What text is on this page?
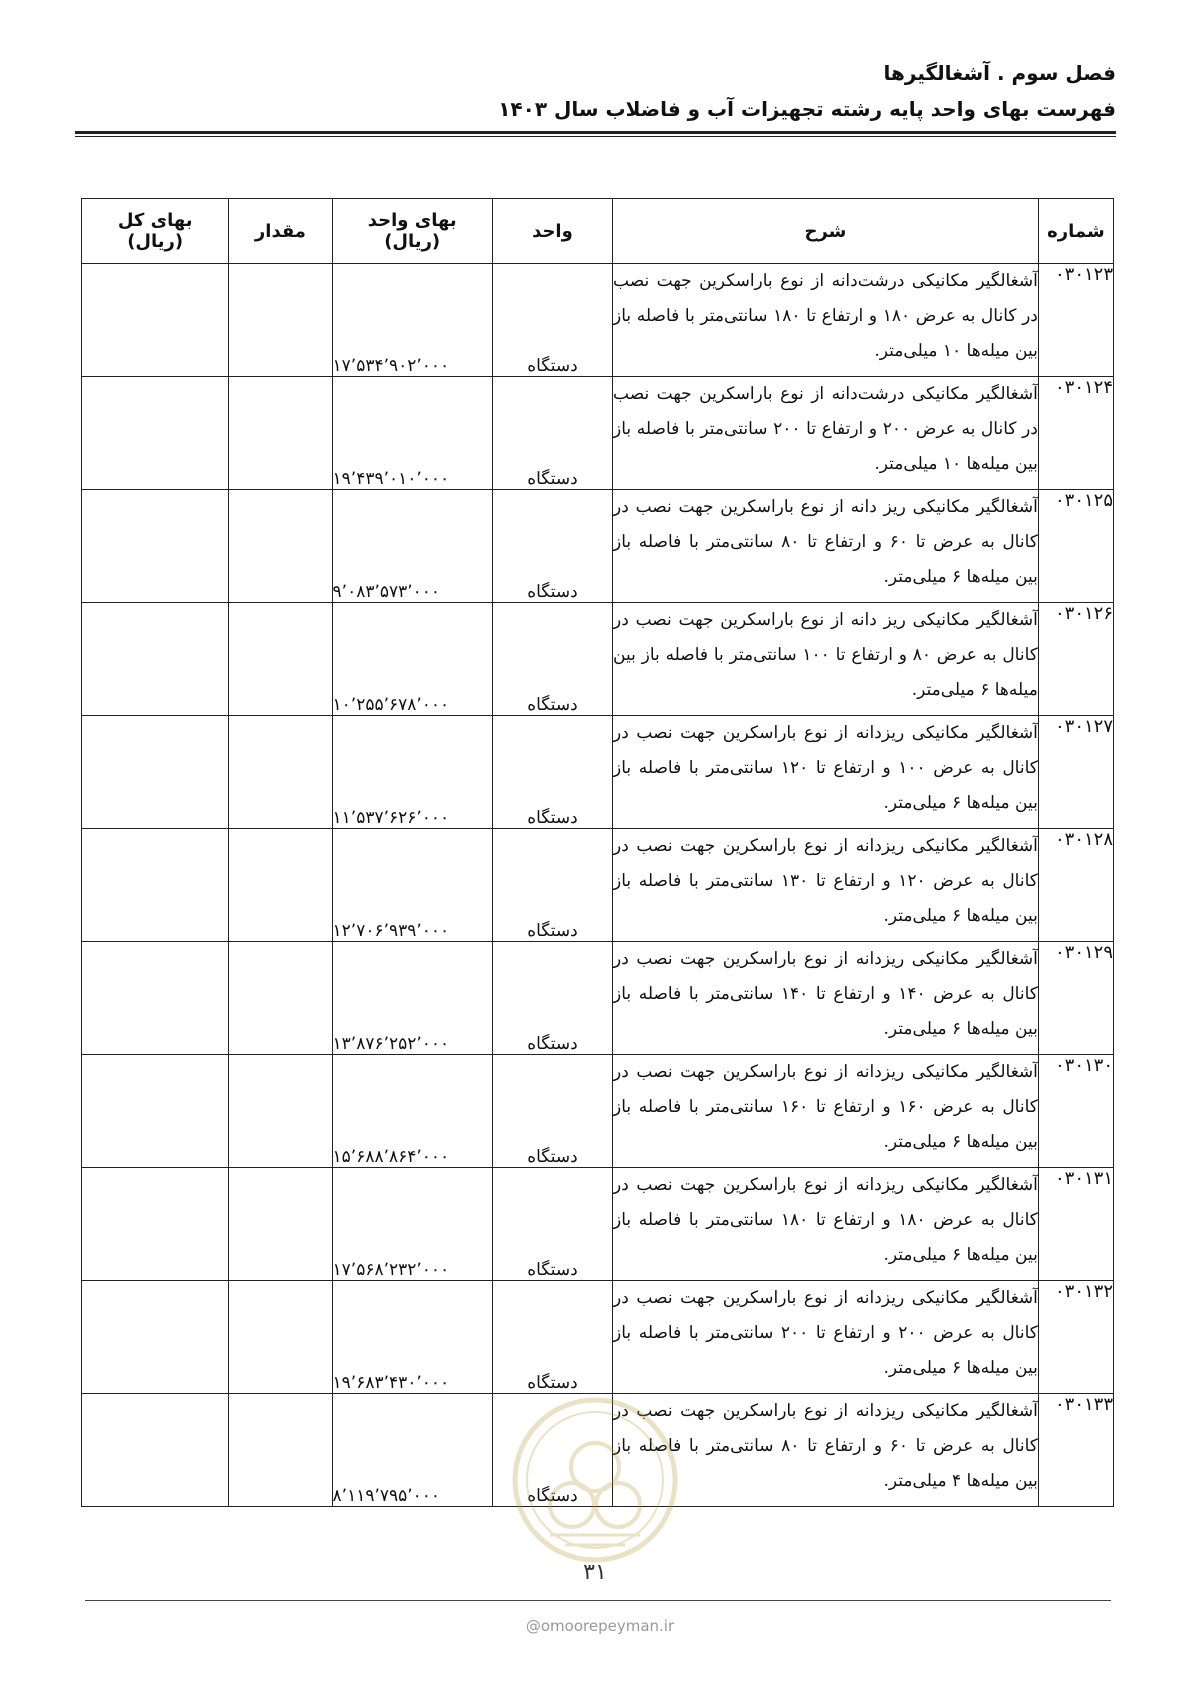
فصل سوم . آشغالگیرها
فهرست بهای واحد پایه رشته تجهیزات آب و فاضلاب سال ۱۴۰۳
شماره	شرح	واحد	بهای واحد (ریال)	مقدار	بهای کل (ریال)
۰۳۰۱۲۳	آشغالگیر مکانیکی درشت‌دانه از نوع باراسکرین جهت نصب در کانال به عرض ۱۸۰ و ارتفاع تا ۱۸۰ سانتی‌متر با فاصله باز بین میله‌ها ۱۰ میلی‌متر.	دستگاه	۱۷٬۵۳۴٬۹۰۲٬۰۰۰		
۰۳۰۱۲۴	آشغالگیر مکانیکی درشت‌دانه از نوع باراسکرین جهت نصب در کانال به عرض ۲۰۰ و ارتفاع تا ۲۰۰ سانتی‌متر با فاصله باز بین میله‌ها ۱۰ میلی‌متر.	دستگاه	۱۹٬۴۳۹٬۰۱۰٬۰۰۰		
۰۳۰۱۲۵	آشغالگیر مکانیکی ریز دانه از نوع باراسکرین جهت نصب در کانال به عرض تا ۶۰ و ارتفاع تا ۸۰ سانتی‌متر با فاصله باز بین میله‌ها ۶ میلی‌متر.	دستگاه	۹٬۰۸۳٬۵۷۳٬۰۰۰		
۰۳۰۱۲۶	آشغالگیر مکانیکی ریز دانه از نوع باراسکرین جهت نصب در کانال به عرض ۸۰ و ارتفاع تا ۱۰۰ سانتی‌متر با فاصله باز بین میله‌ها ۶ میلی‌متر.	دستگاه	۱۰٬۲۵۵٬۶۷۸٬۰۰۰		
۰۳۰۱۲۷	آشغالگیر مکانیکی ریزدانه از نوع باراسکرین جهت نصب در کانال به عرض ۱۰۰ و ارتفاع تا ۱۲۰ سانتی‌متر با فاصله باز بین میله‌ها ۶ میلی‌متر.	دستگاه	۱۱٬۵۳۷٬۶۲۶٬۰۰۰		
۰۳۰۱۲۸	آشغالگیر مکانیکی ریزدانه از نوع باراسکرین جهت نصب در کانال به عرض ۱۲۰ و ارتفاع تا ۱۳۰ سانتی‌متر با فاصله باز بین میله‌ها ۶ میلی‌متر.	دستگاه	۱۲٬۷۰۶٬۹۳۹٬۰۰۰		
۰۳۰۱۲۹	آشغالگیر مکانیکی ریزدانه از نوع باراسکرین جهت نصب در کانال به عرض ۱۴۰ و ارتفاع تا ۱۴۰ سانتی‌متر با فاصله باز بین میله‌ها ۶ میلی‌متر.	دستگاه	۱۳٬۸۷۶٬۲۵۲٬۰۰۰		
۰۳۰۱۳۰	آشغالگیر مکانیکی ریزدانه از نوع باراسکرین جهت نصب در کانال به عرض ۱۶۰ و ارتفاع تا ۱۶۰ سانتی‌متر با فاصله باز بین میله‌ها ۶ میلی‌متر.	دستگاه	۱۵٬۶۸۸٬۸۶۴٬۰۰۰		
۰۳۰۱۳۱	آشغالگیر مکانیکی ریزدانه از نوع باراسکرین جهت نصب در کانال به عرض ۱۸۰ و ارتفاع تا ۱۸۰ سانتی‌متر با فاصله باز بین میله‌ها ۶ میلی‌متر.	دستگاه	۱۷٬۵۶۸٬۲۳۲٬۰۰۰		
۰۳۰۱۳۲	آشغالگیر مکانیکی ریزدانه از نوع باراسکرین جهت نصب در کانال به عرض ۲۰۰ و ارتفاع تا ۲۰۰ سانتی‌متر با فاصله باز بین میله‌ها ۶ میلی‌متر.	دستگاه	۱۹٬۶۸۳٬۴۳۰٬۰۰۰		
۰۳۰۱۳۳	آشغالگیر مکانیکی ریزدانه از نوع باراسکرین جهت نصب در کانال به عرض تا ۶۰ و ارتفاع تا ۸۰ سانتی‌متر با فاصله باز بین میله‌ها ۴ میلی‌متر.	دستگاه	۸٬۱۱۹٬۷۹۵٬۰۰۰		
۳۱
@omoorepeyman.ir
